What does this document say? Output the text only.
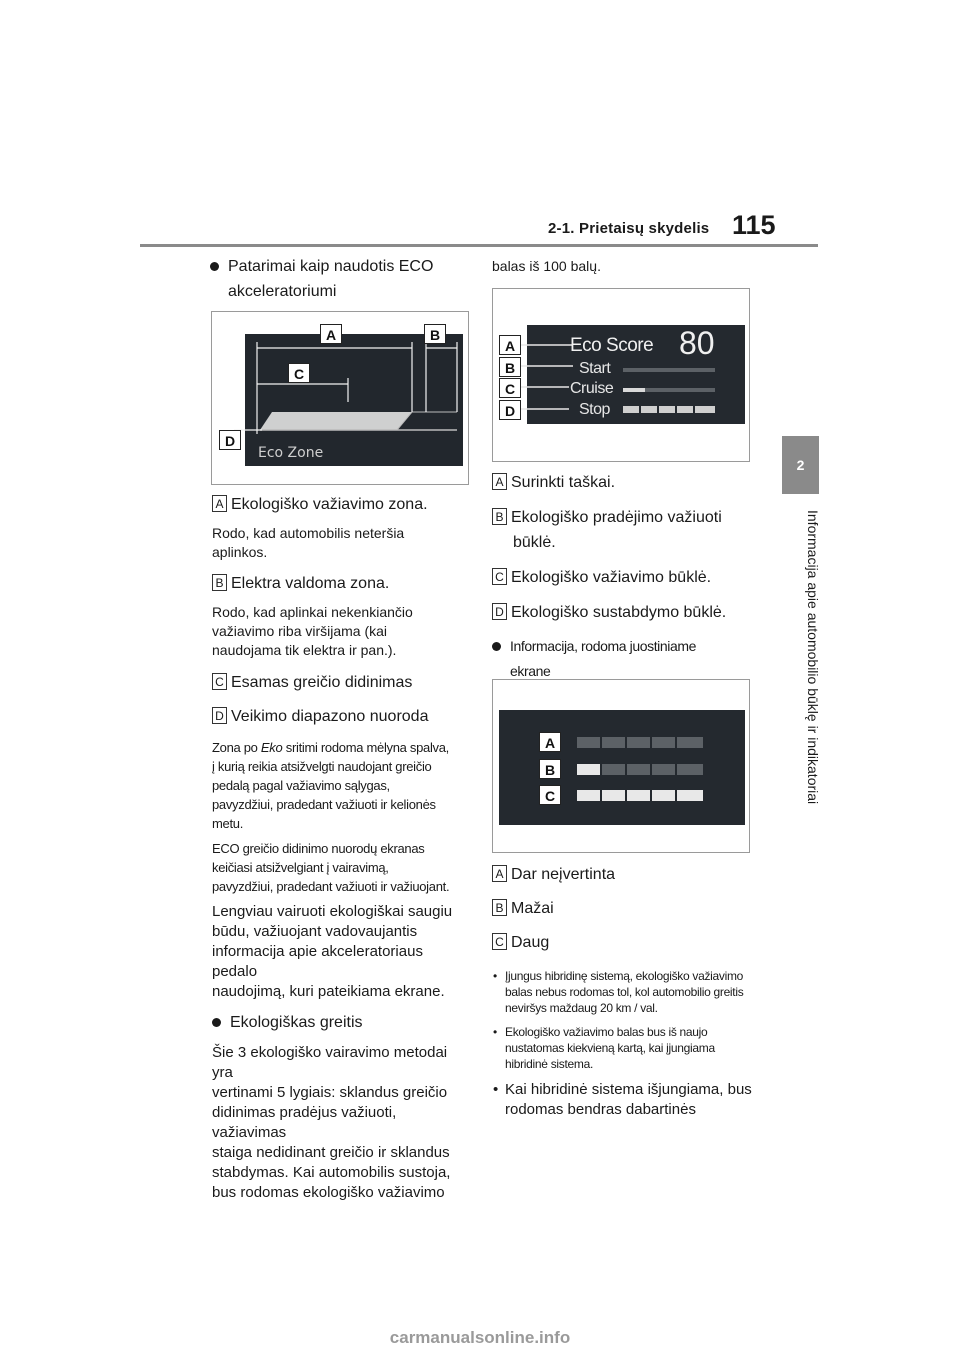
2-1. Prietaisų skydelis 115
2
Informacija apie automobilio būklę ir indikatoriai
Patarimai kaip naudotis ECO
akceleratoriumi
Eco Zone
A	B
C
D
A Ekologiško važiavimo zona.
Rodo, kad automobilis neteršia
aplinkos.
B Elektra valdoma zona.
Rodo, kad aplinkai nekenkiančio
važiavimo riba viršijama (kai
naudojama tik elektra ir pan.).
C Esamas greičio didinimas
D Veikimo diapazono nuoroda
Zona po Eko sritimi rodoma mėlyna spalva,
į kurią reikia atsižvelgti naudojant greičio
pedalą pagal važiavimo sąlygas,
pavyzdžiui, pradedant važiuoti ir kelionės
metu.
ECO greičio didinimo nuorodų ekranas
keičiasi atsižvelgiant į vairavimą,
pavyzdžiui, pradedant važiuoti ir važiuojant.
Lengviau vairuoti ekologiškai saugiu
būdu, važiuojant vadovaujantis
informacija apie akceleratoriaus pedalo
naudojimą, kuri pateikiama ekrane.
Ekologiškas greitis
Šie 3 ekologiško vairavimo metodai yra
vertinami 5 lygiais: sklandus greičio
didinimas pradėjus važiuoti, važiavimas
staiga nedidinant greičio ir sklandus
stabdymas. Kai automobilis sustoja,
bus rodomas ekologiško važiavimo
balas iš 100 balų.
Eco Score 80
Start
Cruise
Stop
A
B
C
D
A Surinkti taškai.
B Ekologiško pradėjimo važiuoti
būklė.
C Ekologiško važiavimo būklė.
D Ekologiško sustabdymo būklė.
Informacija, rodoma juostiniame
ekrane
A
B
C
A Dar neįvertinta
B Mažai
C Daug
• Įjungus hibridinę sistemą, ekologiško važiavimo
balas nebus rodomas tol, kol automobilio greitis
neviršys maždaug 20 km / val.
• Ekologiško važiavimo balas bus iš naujo
nustatomas kiekvieną kartą, kai įjungiama
hibridinė sistema.
• Kai hibridinė sistema išjungiama, bus
rodomas bendras dabartinės
carmanualsonline.info
